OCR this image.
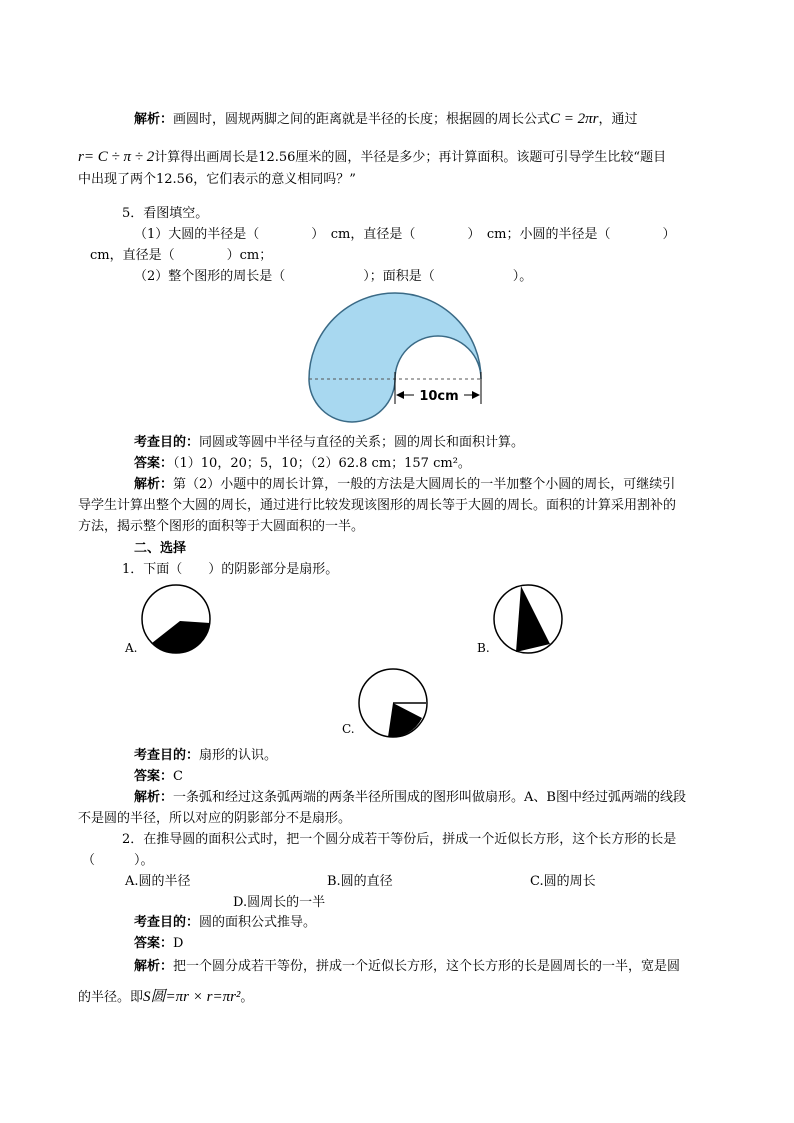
解析：画圆时，圆规两脚之间的距离就是半径的长度；根据圆的周长公式C = 2πr，通过
r= C ÷ π ÷ 2计算得出画周长是12.56厘米的圆，半径是多少；再计算面积。该题可引导学生比较“题目
中出现了两个12.56，它们表示的意义相同吗？”
5．看图填空。
（1）大圆的半径是（　　　　）　cm，直径是（　　　　）　cm；小圆的半径是（　　　　）
cm，直径是（　　　　）cm；
（2）整个图形的周长是（　　　　　　）；面积是（　　　　　　）。
10cm
考查目的：同圆或等圆中半径与直径的关系；圆的周长和面积计算。
答案：（1）10，20；5，10；（2）62.8 cm；157 cm²。
解析：第（2）小题中的周长计算，一般的方法是大圆周长的一半加整个小圆的周长，可继续引
导学生计算出整个大圆的周长，通过进行比较发现该图形的周长等于大圆的周长。面积的计算采用割补的
方法，揭示整个图形的面积等于大圆面积的一半。
二、选择
1．下面（　　）的阴影部分是扇形。
A.	B.
C.
考查目的：扇形的认识。
答案：C
解析：一条弧和经过这条弧两端的两条半径所围成的图形叫做扇形。A、B图中经过弧两端的线段
不是圆的半径，所以对应的阴影部分不是扇形。
2．在推导圆的面积公式时，把一个圆分成若干等份后，拼成一个近似长方形，这个长方形的长是
（　　　）。
A.圆的半径	B.圆的直径	C.圆的周长
D.圆周长的一半
考查目的：圆的面积公式推导。
答案：D
解析：把一个圆分成若干等份，拼成一个近似长方形，这个长方形的长是圆周长的一半，宽是圆
的半径。即S圆=πr × r=πr²。
